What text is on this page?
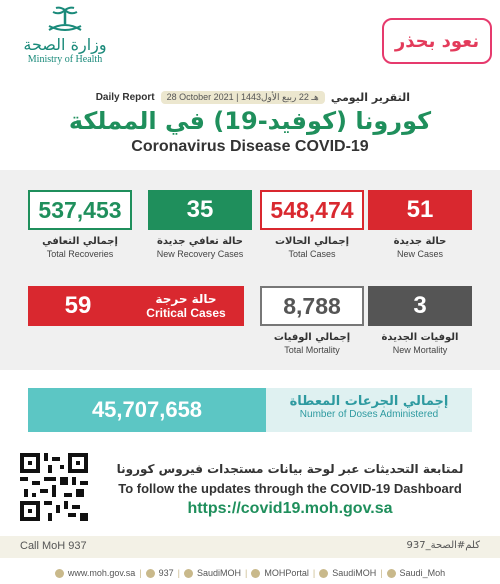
وزارة الصحة
Ministry of Health
نعود بحذر
Daily Report	28 October 2021 | 1443هـ 22 ربيع الأول	التقرير اليومي
كورونا (كوفيد-19) في المملكة
Coronavirus Disease COVID-19
537,453
إجمالي التعافي
Total Recoveries
35
حالة تعافي جديدة
New Recovery Cases
548,474
إجمالي الحالات
Total Cases
51
حالة جديدة
New Cases
59	حالة حرجة
Critical Cases	8,788
إجمالي الوفيات
Total Mortality
3
الوفيات الجديدة
New Mortality
45,707,658	إجمالي الجرعات المعطاة
Number of Doses Administered
لمتابعة التحديثات عبر لوحة بيانات مستجدات فيروس كورونا
To follow the updates through the COVID-19 Dashboard
https://covid19.moh.gov.sa
Call MoH 937	كلم#الصحة_937
www.moh.gov.sa | 937 | SaudiMOH | MOHPortal | SaudiMOH | Saudi_Moh
